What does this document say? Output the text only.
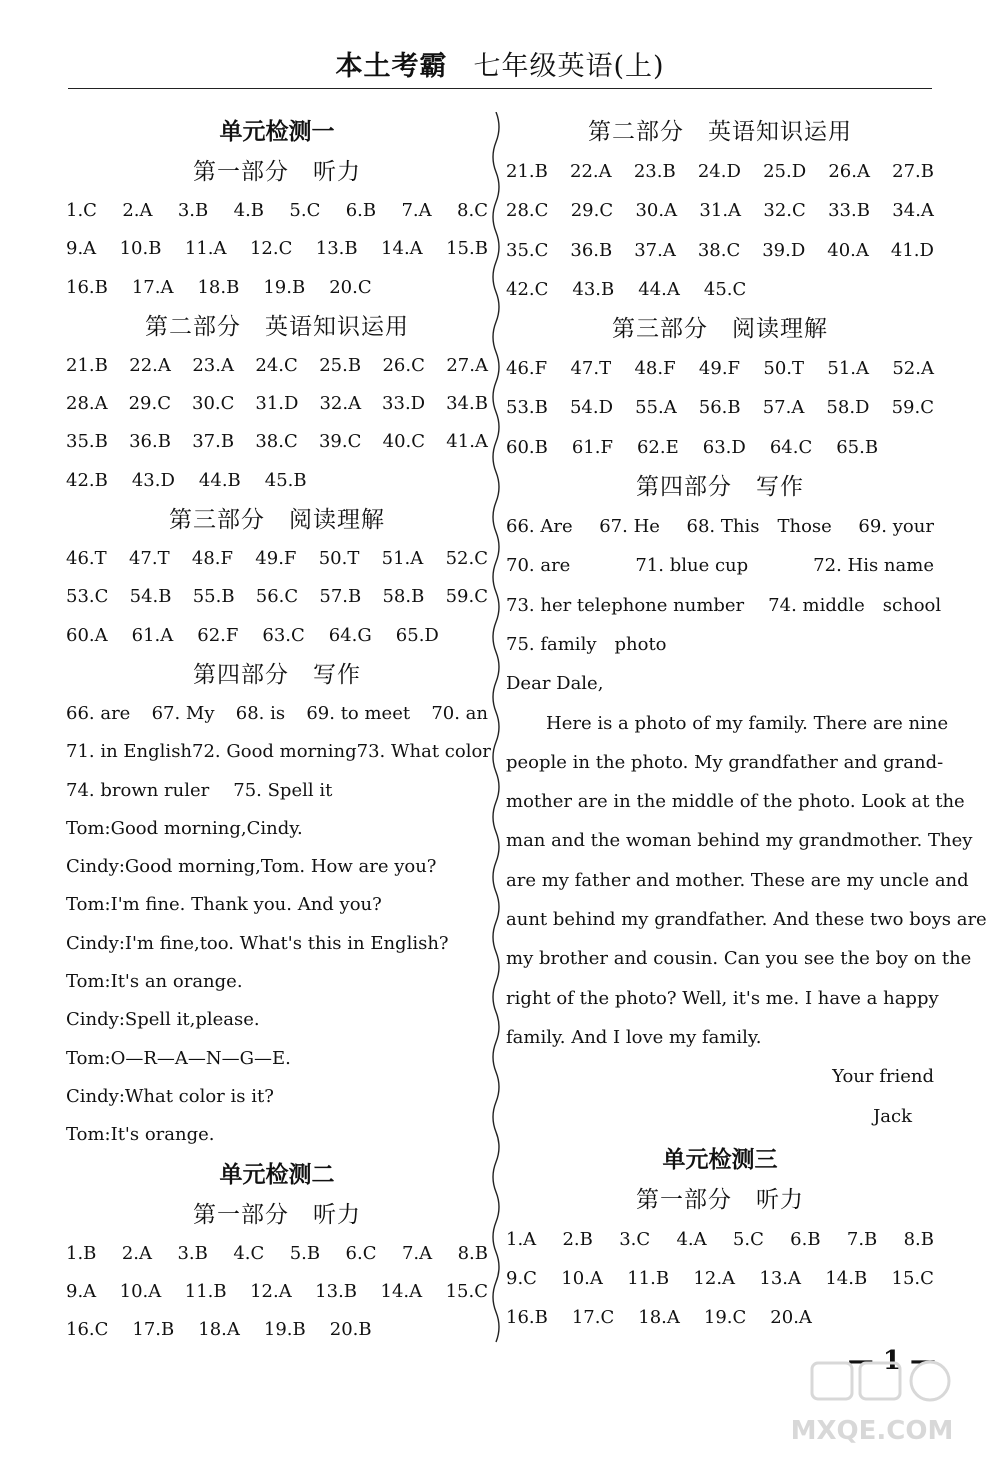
本土考霸 七年级英语(上)
单元检测一
第一部分　听力
1.C 2.A 3.B 4.B 5.C 6.B 7.A 8.C
9.A 10.B 11.A 12.C 13.B 14.A 15.B
16.B 17.A 18.B 19.B 20.C
第二部分　英语知识运用
21.B 22.A 23.A 24.C 25.B 26.C 27.A
28.A 29.C 30.C 31.D 32.A 33.D 34.B
35.B 36.B 37.B 38.C 39.C 40.C 41.A
42.B 43.D 44.B 45.B
第三部分　阅读理解
46.T 47.T 48.F 49.F 50.T 51.A 52.C
53.C 54.B 55.B 56.C 57.B 58.B 59.C
60.A 61.A 62.F 63.C 64.G 65.D
第四部分　写作
66. are 67. My 68. is 69. to meet 70. an
71. in English 72. Good morning 73. What color
74. brown ruler 75. Spell it
Tom:Good morning,Cindy.
Cindy:Good morning,Tom. How are you?
Tom:I'm fine. Thank you. And you?
Cindy:I'm fine,too. What's this in English?
Tom:It's an orange.
Cindy:Spell it,please.
Tom:O—R—A—N—G—E.
Cindy:What color is it?
Tom:It's orange.
单元检测二
第一部分　听力
1.B 2.A 3.B 4.C 5.B 6.C 7.A 8.B
9.A 10.A 11.B 12.A 13.B 14.A 15.C
16.C 17.B 18.A 19.B 20.B
第二部分　英语知识运用
21.B 22.A 23.B 24.D 25.D 26.A 27.B
28.C 29.C 30.A 31.A 32.C 33.B 34.A
35.C 36.B 37.A 38.C 39.D 40.A 41.D
42.C 43.B 44.A 45.C
第三部分　阅读理解
46.F 47.T 48.F 49.F 50.T 51.A 52.A
53.B 54.D 55.A 56.B 57.A 58.D 59.C
60.B 61.F 62.E 63.D 64.C 65.B
第四部分　写作
66. Are 67. He 68. This　Those 69. your
70. are	71. blue cup	72. His name
73. her telephone number 74. middle　school
75. family　photo
Dear Dale,
Here is a photo of my family. There are nine
people in the photo. My grandfather and grand-
mother are in the middle of the photo. Look at the
man and the woman behind my grandmother. They
are my father and mother. These are my uncle and
aunt behind my grandfather. And these two boys are
my brother and cousin. Can you see the boy on the
right of the photo? Well, it's me. I have a happy
family. And I love my family.
Your friend
Jack
单元检测三
第一部分　听力
1.A 2.B 3.C 4.A 5.C 6.B 7.B 8.B
9.C 10.A 11.B 12.A 13.A 14.B 15.C
16.B 17.C 18.A 19.C 20.A
— 1 —
MXQE.COM
